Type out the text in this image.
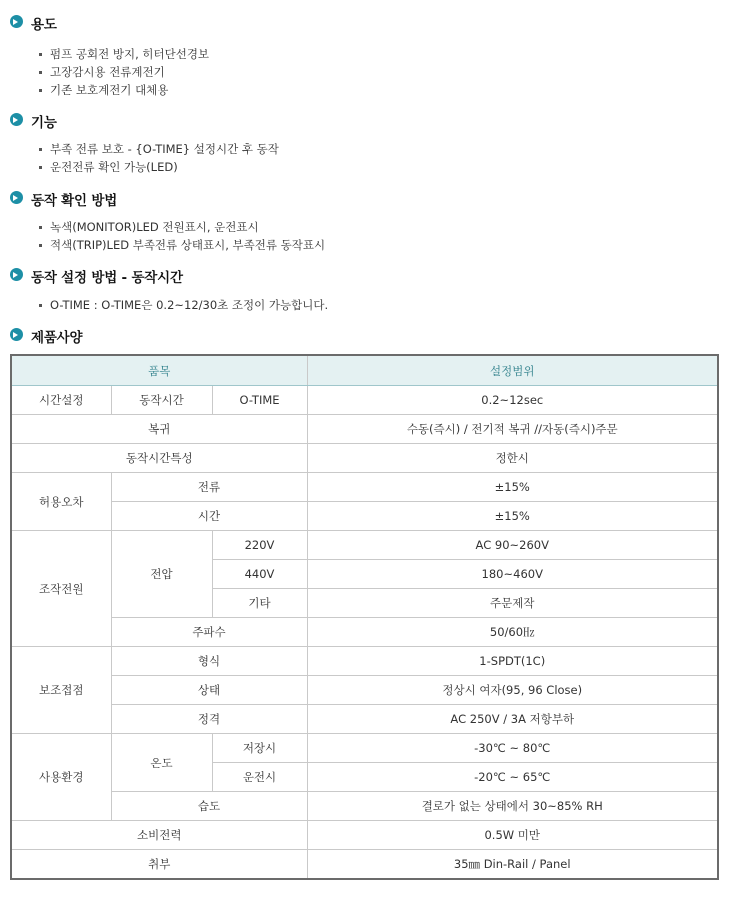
용도
펌프 공회전 방지, 히터단선경보
고장감시용 전류계전기
기존 보호계전기 대체용
기능
부족 전류 보호 - {O-TIME} 설정시간 후 동작
운전전류 확인 가능(LED)
동작 확인 방법
녹색(MONITOR)LED 전원표시, 운전표시
적색(TRIP)LED 부족전류 상태표시, 부족전류 동작표시
동작 설정 방법 - 동작시간
O-TIME : O-TIME은 0.2~12/30초 조정이 가능합니다.
제품사양
품목			설정범위
시간설정	동작시간	O-TIME	0.2~12sec
복귀			수동(즉시) / 전기적 복귀 //자동(즉시)주문
동작시간특성			정한시
허용오차	전류		±15%
	시간		±15%
조작전원	전압	220V	AC 90~260V
		440V	180~460V
		기타	주문제작
	주파수		50/60㎐
보조접점	형식		1-SPDT(1C)
	상태		정상시 여자(95, 96 Close)
	정격		AC 250V / 3A 저항부하
사용환경	온도	저장시	-30℃ ~ 80℃
		운전시	-20℃ ~ 65℃
	습도		결로가 없는 상태에서 30~85% RH
소비전력			0.5W 미만
취부			35㎜ Din-Rail / Panel
